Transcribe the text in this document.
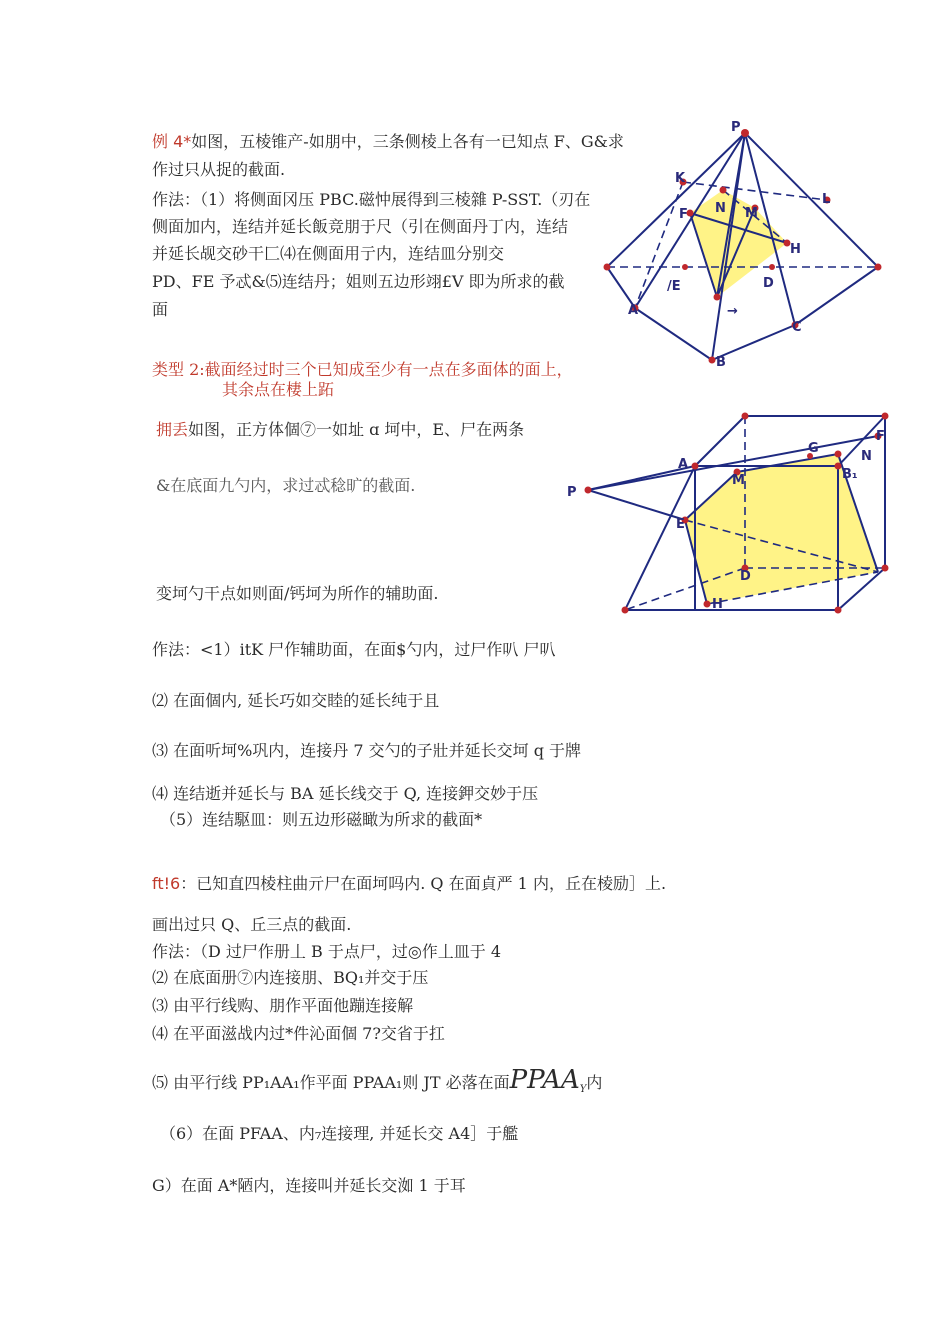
例 4*如图，五棱锥产-如朋中，三条侧棱上各有一已知点 F、G&求
作过只从捉的截面.
作法：（1）将侧面冈压 PBC.磁忡展得到三棱雜 P-SST.（刃在
侧面加内，连结并延长飯竞朋于尺（引在侧面丹丁内，连结
并延长觇交砂干匚⑷在侧面用亍内，连结皿分别交
PD、FE 予忒&⑸连结丹；姐则五边形翊£V 即为所求的截
面
类型 2:截面经过时三个已知成至少有一点在多面体的面上，
其余点在棲上跖
拥丢如图，正方体個⑦一如址 ɑ 坷中，E、尸在两条
&在底面九勺内，求过忒稔旷的截面.
变坷勺干点如则面/钙坷为所作的辅助面.
作法：<1）itK 尸作辅助面，在面$勺内，过尸作叭 尸叭
⑵ 在面個内, 延长巧如交睦的延长纯于且
⑶ 在面听坷%巩内，连接丹 7 交勺的子壯并延长交坷 q 于牌
⑷ 连结逝并延长与 BA 延长线交于 Q, 连接鉀交妙于压
（5）连结駆皿：则五边形磁瞰为所求的截面*
ft!6：已知直四棱柱曲亓尸在面坷吗内. Q 在面貞严 1 内，丘在棱励］上.
画出过只 Q、丘三点的截面.
作法：（D 过尸作册丄 B 于点尸，过◎作丄皿于 4
⑵ 在底面册⑦内连接朋、BQ₁并交于压
⑶ 由平行线购、朋作平面他蹦连接解
⑷ 在平面滋战内过*件沁面個 7?交省于扛
⑸ 由平行线 PP₁AA₁作平面 PPAA₁则 JT 必落在面$PPAA_Y$内
（6）在面 PFAA、内₇连接理, 并延长交 A4］于艦
G）在面 A*陋内，连接叫并延长交洳 1 于耳
P
K
F N M
L
H
D
C
B
A
/E
→
A
M
G
B₁
N
F
P
E
D
H
